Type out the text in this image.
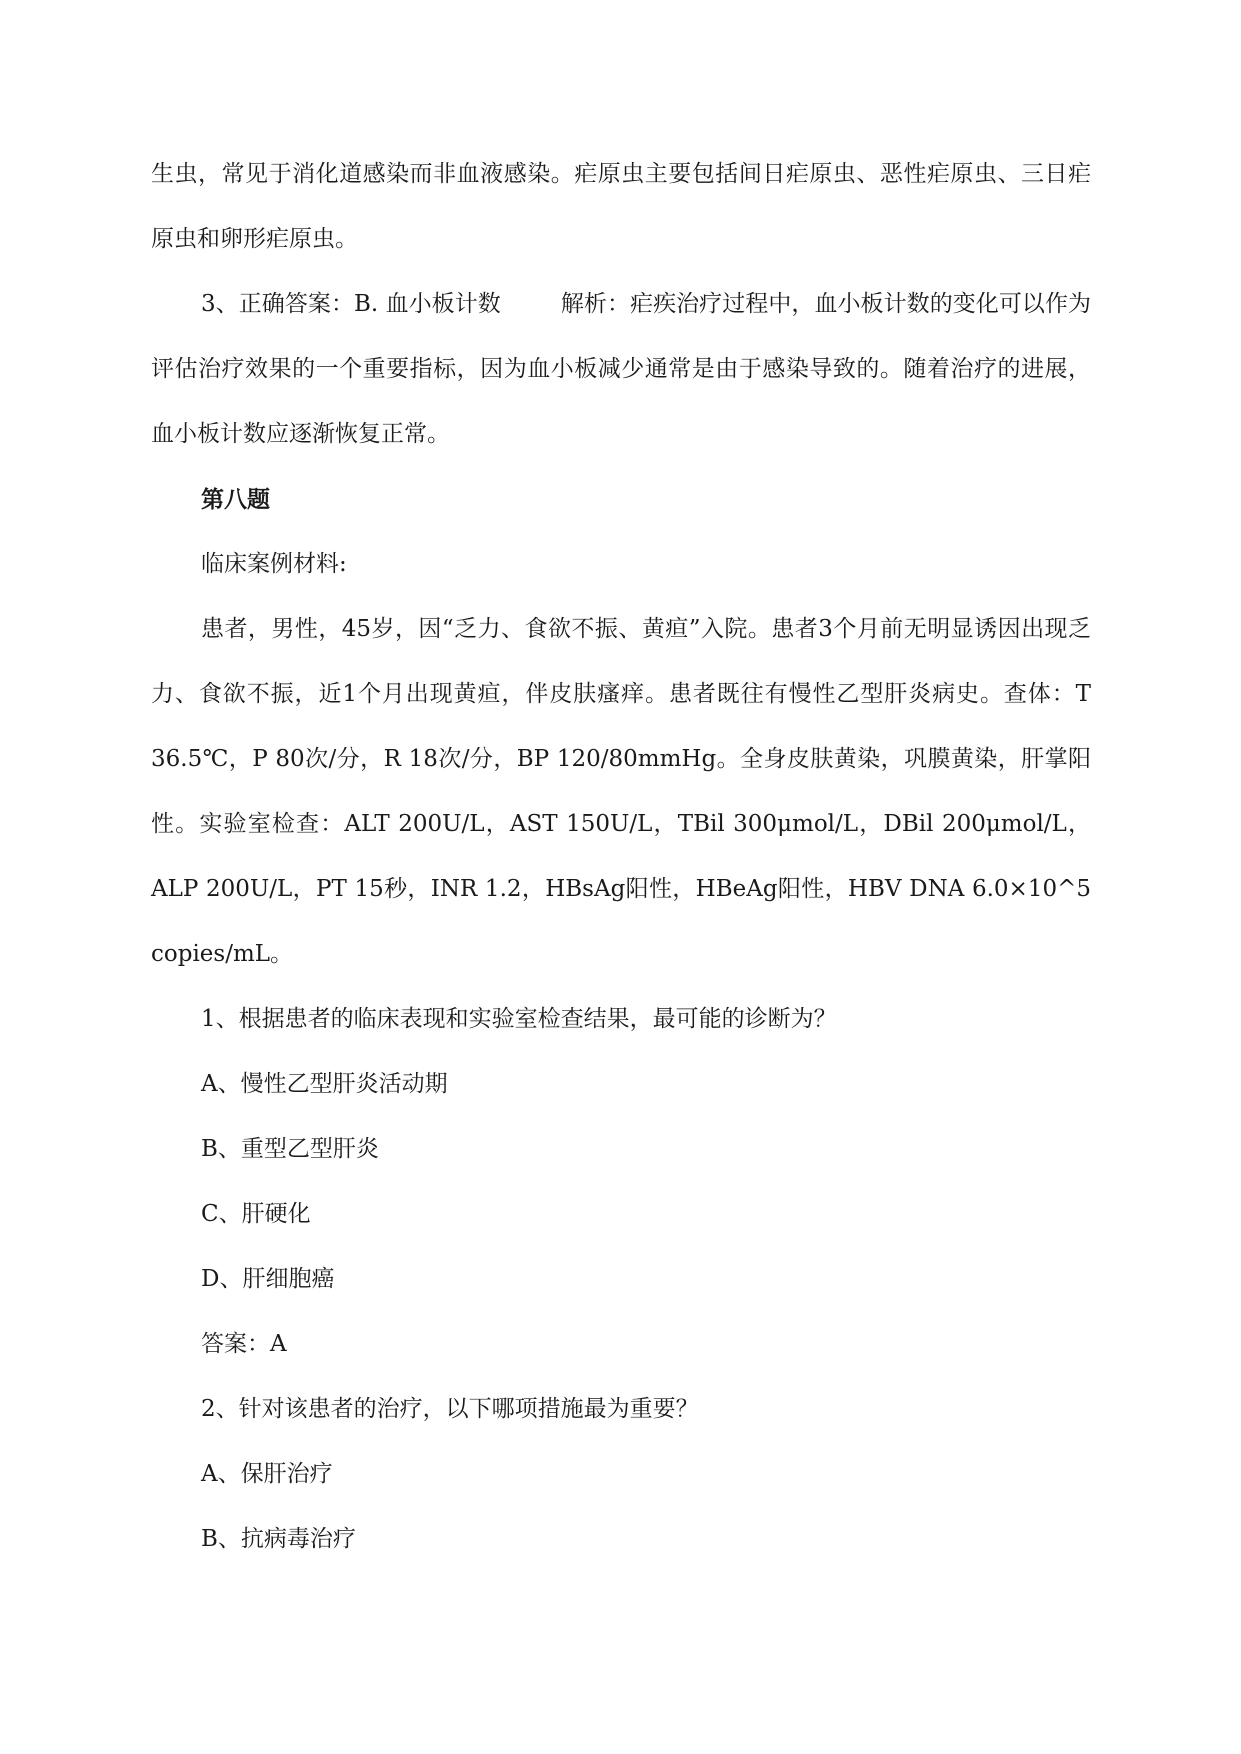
生虫，常见于消化道感染而非血液感染。疟原虫主要包括间日疟原虫、恶性疟原虫、三日疟原虫和卵形疟原虫。

3、正确答案：B. 血小板计数	解析：疟疾治疗过程中，血小板计数的变化可以作为评估治疗效果的一个重要指标，因为血小板减少通常是由于感染导致的。随着治疗的进展，血小板计数应逐渐恢复正常。

第八题

临床案例材料:

患者，男性，45岁，因“乏力、食欲不振、黄疸”入院。患者3个月前无明显诱因出现乏力、食欲不振，近1个月出现黄疸，伴皮肤瘙痒。患者既往有慢性乙型肝炎病史。查体：T 36.5℃，P 80次/分，R 18次/分，BP 120/80mmHg。全身皮肤黄染，巩膜黄染，肝掌阳性。实验室检查：ALT 200U/L，AST 150U/L，TBil 300μmol/L，DBil 200μmol/L，ALP 200U/L，PT 15秒，INR 1.2，HBsAg阳性，HBeAg阳性，HBV DNA 6.0×10^5 copies/mL。

1、根据患者的临床表现和实验室检查结果，最可能的诊断为？

A、慢性乙型肝炎活动期

B、重型乙型肝炎

C、肝硬化

D、肝细胞癌

答案：A

2、针对该患者的治疗，以下哪项措施最为重要？

A、保肝治疗

B、抗病毒治疗
